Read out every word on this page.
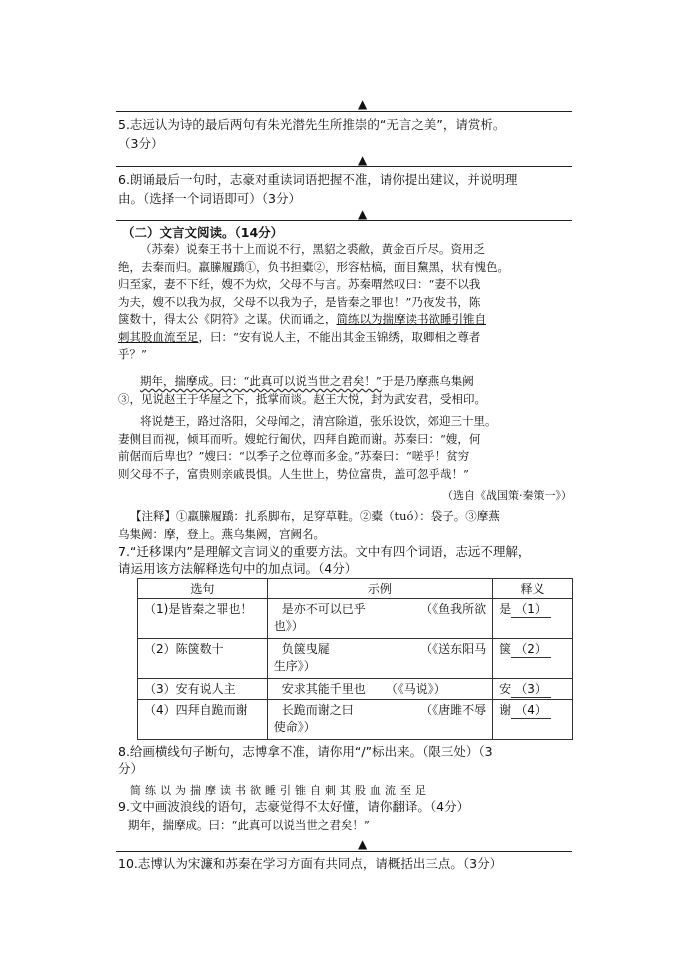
▲
5.志远认为诗的最后两句有朱光潜先生所推崇的“无言之美”，请赏析。
（3分）
▲
6.朗诵最后一句时，志豪对重读词语把握不准，请你提出建议，并说明理
由。（选择一个词语即可）（3分）
▲
（二）文言文阅读。（14分）
（苏秦）说秦王书十上而说不行，黑貂之裘敝，黄金百斤尽。资用乏
绝，去秦而归。羸縢履蹻①，负书担橐②，形容枯槁，面目黧黑，状有愧色。
归至家，妻不下纴，嫂不为炊，父母不与言。苏秦喟然叹曰：“妻不以我
为夫，嫂不以我为叔，父母不以我为子，是皆秦之罪也！”乃夜发书，陈
箧数十，得太公《阴符》之谋。伏而诵之，简练以为揣摩读书欲睡引锥自
刺其股血流至足，曰：“安有说人主，不能出其金玉锦绣，取卿相之尊者
乎？”
期年，揣摩成。曰：“此真可以说当世之君矣！”于是乃摩燕乌集阙
③，见说赵王于华屋之下，抵掌而谈。赵王大悦，封为武安君，受相印。
将说楚王，路过洛阳，父母闻之，清宫除道，张乐设饮，郊迎三十里。
妻侧目而视，倾耳而听。嫂蛇行匍伏，四拜自跪而谢。苏秦曰：“嫂，何
前倨而后卑也？”嫂曰：“以季子之位尊而多金。”苏秦曰：“嗟乎！贫穷
则父母不子，富贵则亲戚畏惧。人生世上，势位富贵，盖可忽乎哉！”
（选自《战国策·秦策一》）
【注释】①羸縢履蹻：扎系脚布，足穿草鞋。②橐（tuó）：袋子。③摩燕
乌集阙：摩，登上。燕乌集阙，宫阙名。
7.“迁移课内”是理解文言词义的重要方法。文中有四个词语，志远不理解，
请运用该方法解释选句中的加点词。（4分）
选句	示例	释义
（1)是皆秦之罪也！	是亦不可以已乎 （《鱼我所欲
也》）	是 （1）
（2）陈箧数十	负箧曳屣 （《送东阳马
生序》）	箧 （2）
（3）安有说人主	安求其能千里也 （《马说》）	安 （3）
（4）四拜自跪而谢	长跪而谢之曰 （《唐雎不辱
使命》）	谢 （4）
8.给画横线句子断句，志博拿不准，请你用“/”标出来。（限三处）（3
分）
简练以为揣摩读书欲睡引锥自刺其股血流至足
9.文中画波浪线的语句，志豪觉得不太好懂，请你翻译。（4分）
期年，揣摩成。曰：“此真可以说当世之君矣！”
▲
10.志博认为宋濂和苏秦在学习方面有共同点，请概括出三点。（3分）
